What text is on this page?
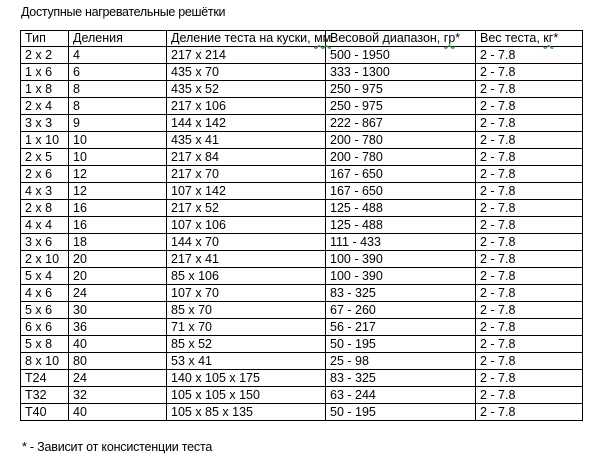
Доступные нагревательные решётки
Тип	Деления	Деление теста на куски, мм	Весовой диапазон, гр*	Вес теста, кг*
2 x 2	4	217 x 214	500 - 1950	2 - 7.8
1 x 6	6	435 x 70	333 - 1300	2 - 7.8
1 x 8	8	435 x 52	250 - 975	2 - 7.8
2 x 4	8	217 x 106	250 - 975	2 - 7.8
3 x 3	9	144 x 142	222 - 867	2 - 7.8
1 x 10	10	435 x 41	200 - 780	2 - 7.8
2 x 5	10	217 x 84	200 - 780	2 - 7.8
2 x 6	12	217 x 70	167 - 650	2 - 7.8
4 x 3	12	107 x 142	167 - 650	2 - 7.8
2 x 8	16	217 x 52	125 - 488	2 - 7.8
4 x 4	16	107 x 106	125 - 488	2 - 7.8
3 x 6	18	144 x 70	111 - 433	2 - 7.8
2 x 10	20	217 x 41	100 - 390	2 - 7.8
5 x 4	20	85 x 106	100 - 390	2 - 7.8
4 x 6	24	107 x 70	83 - 325	2 - 7.8
5 x 6	30	85 x 70	67 - 260	2 - 7.8
6 x 6	36	71 x 70	56 - 217	2 - 7.8
5 x 8	40	85 x 52	50 - 195	2 - 7.8
8 x 10	80	53 x 41	25 - 98	2 - 7.8
T24	24	140 x 105 x 175	83 - 325	2 - 7.8
T32	32	105 x 105 x 150	63 - 244	2 - 7.8
T40	40	105 x 85 x 135	50 - 195	2 - 7.8
* - Зависит от консистенции теста
